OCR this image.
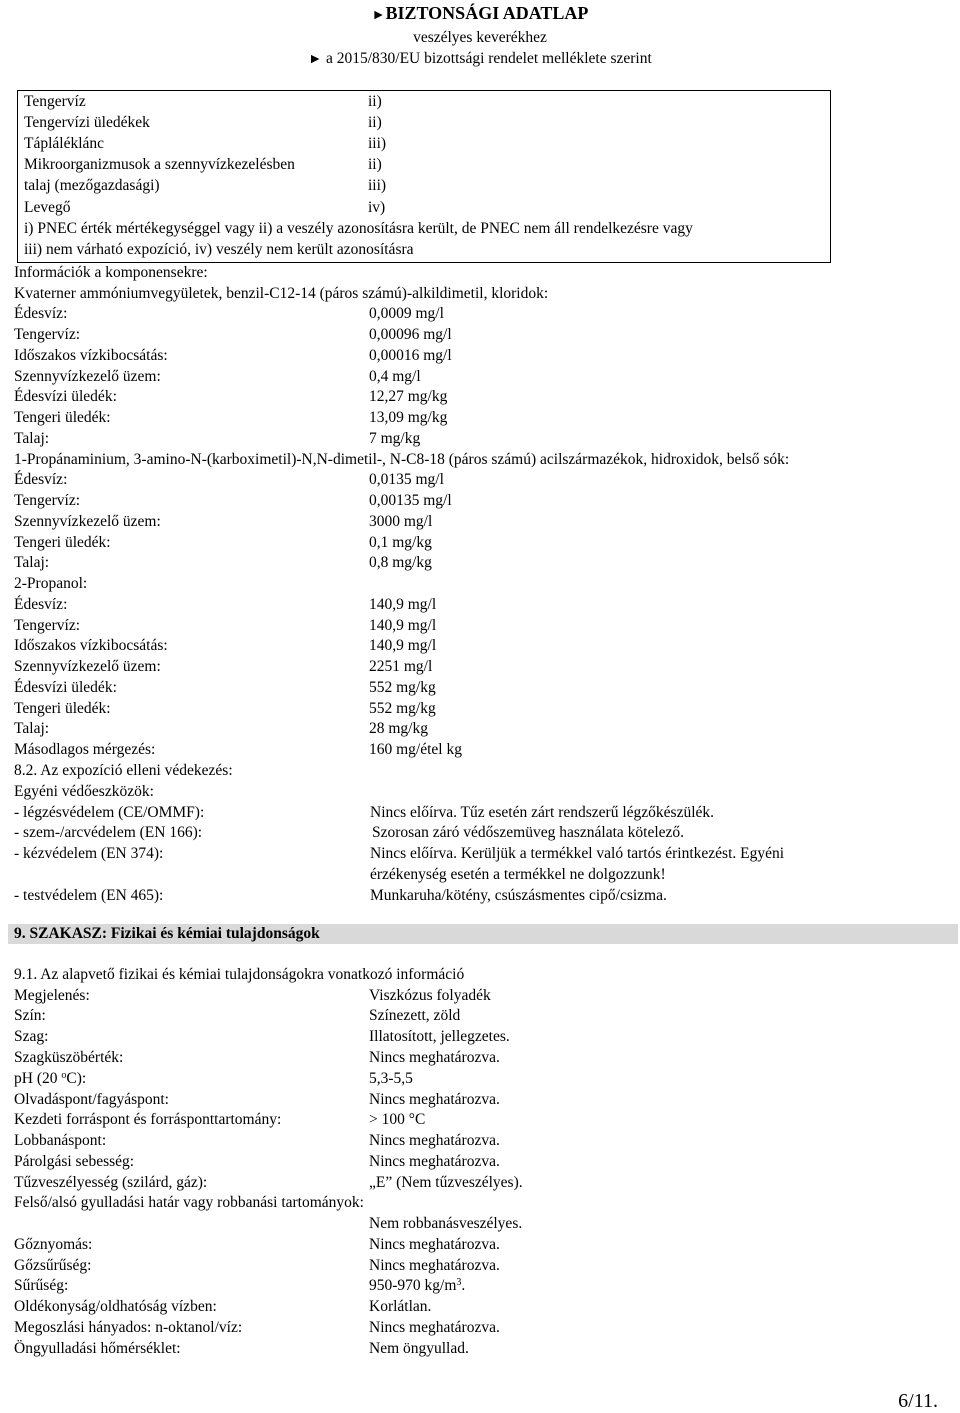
►BIZTONSÁGI ADATLAP
veszélyes keverékhez
► a 2015/830/EU bizottsági rendelet melléklete szerint
Tengervíz	ii)
Tengervízi üledékek	ii)
Tápláléklánc	iii)
Mikroorganizmusok a szennyvízkezelésben	ii)
talaj (mezőgazdasági)	iii)
Levegő	iv)
i) PNEC érték mértékegységgel vagy ii) a veszély azonosításra került, de PNEC nem áll rendelkezésre vagy
iii) nem várható expozíció, iv) veszély nem került azonosításra
Információk a komponensekre:
Kvaterner ammóniumvegyületek, benzil-C12-14 (páros számú)-alkildimetil, kloridok:
Édesvíz:	0,0009 mg/l
Tengervíz:	0,00096 mg/l
Időszakos vízkibocsátás:	0,00016 mg/l
Szennyvízkezelő üzem:	0,4 mg/l
Édesvízi üledék:	12,27 mg/kg
Tengeri üledék:	13,09 mg/kg
Talaj:	7 mg/kg
1-Propánaminium, 3-amino-N-(karboximetil)-N,N-dimetil-, N-C8-18 (páros számú) acilszármazékok, hidroxidok, belső sók:
Édesvíz:	0,0135 mg/l
Tengervíz:	0,00135 mg/l
Szennyvízkezelő üzem:	3000 mg/l
Tengeri üledék:	0,1 mg/kg
Talaj:	0,8 mg/kg
2-Propanol:
Édesvíz:	140,9 mg/l
Tengervíz:	140,9 mg/l
Időszakos vízkibocsátás:	140,9 mg/l
Szennyvízkezelő üzem:	2251 mg/l
Édesvízi üledék:	552 mg/kg
Tengeri üledék:	552 mg/kg
Talaj:	28 mg/kg
Másodlagos mérgezés:	160 mg/étel kg
8.2. Az expozíció elleni védekezés:
Egyéni védőeszközök:
- légzésvédelem (CE/OMMF):	Nincs előírva. Tűz esetén zárt rendszerű légzőkészülék.
- szem-/arcvédelem (EN 166):	Szorosan záró védőszemüveg használata kötelező.
- kézvédelem (EN 374):	Nincs előírva. Kerüljük a termékkel való tartós érintkezést. Egyéni
érzékenység esetén a termékkel ne dolgozzunk!
- testvédelem (EN 465):	Munkaruha/kötény, csúszásmentes cipő/csizma.
9. SZAKASZ: Fizikai és kémiai tulajdonságok
9.1. Az alapvető fizikai és kémiai tulajdonságokra vonatkozó információ
Megjelenés:	Viszkózus folyadék
Szín:	Színezett, zöld
Szag:	Illatosított, jellegzetes.
Szagküszöbérték:	Nincs meghatározva.
pH (20 $^o$C):	5,3-5,5
Olvadáspont/fagyáspont:	Nincs meghatározva.
Kezdeti forráspont és forrásponttartomány:	> 100 °C
Lobbanáspont:	Nincs meghatározva.
Párolgási sebesség:	Nincs meghatározva.
Tűzveszélyesség (szilárd, gáz):	„E” (Nem tűzveszélyes).
Felső/alsó gyulladási határ vagy robbanási tartományok:
Nem robbanásveszélyes.
Gőznyomás:	Nincs meghatározva.
Gőzsűrűség:	Nincs meghatározva.
Sűrűség:	950-970 $kg/m^3$.
Oldékonyság/oldhatóság vízben:	Korlátlan.
Megoszlási hányados: n-oktanol/víz:	Nincs meghatározva.
Öngyulladási hőmérséklet:	Nem öngyullad.
6/11.
